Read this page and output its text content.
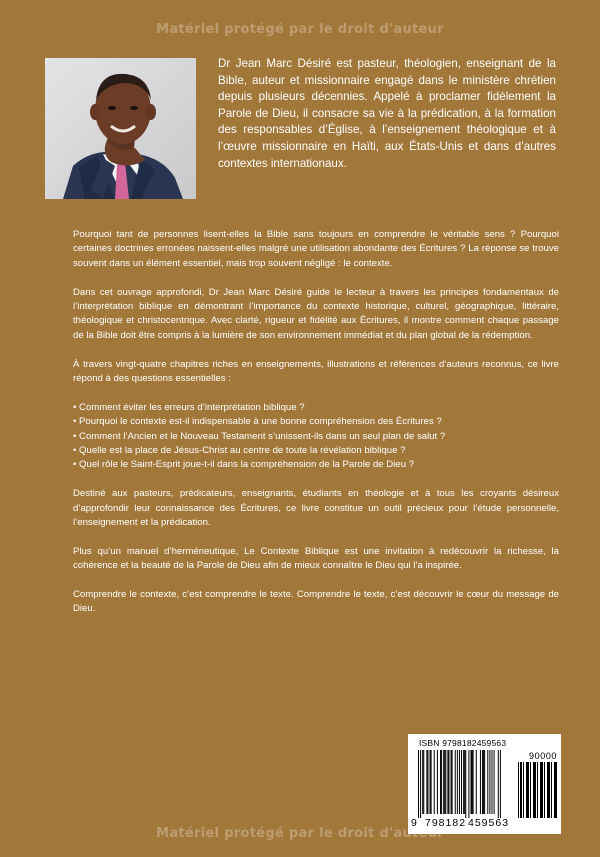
Matériel protégé par le droit d'auteur

Dr Jean Marc Désiré est pasteur, théologien, enseignant de la Bible, auteur et missionnaire engagé dans le ministère chrétien depuis plusieurs décennies. Appelé à proclamer fidèlement la Parole de Dieu, il consacre sa vie à la prédication, à la formation des responsables d’Église, à l’enseignement théologique et à l’œuvre missionnaire en Haïti, aux États-Unis et dans d’autres contextes internationaux.

Pourquoi tant de personnes lisent-elles la Bible sans toujours en comprendre le véritable sens ? Pourquoi certaines doctrines erronées naissent-elles malgré une utilisation abondante des Écritures ? La réponse se trouve souvent dans un élément essentiel, mais trop souvent négligé : le contexte.

Dans cet ouvrage approfondi, Dr Jean Marc Désiré guide le lecteur à travers les principes fondamentaux de l’interprétation biblique en démontrant l’importance du contexte historique, culturel, géographique, littéraire, théologique et christocentrique. Avec clarté, rigueur et fidélité aux Écritures, il montre comment chaque passage de la Bible doit être compris à la lumière de son environnement immédiat et du plan global de la rédemption.

À travers vingt-quatre chapitres riches en enseignements, illustrations et références d’auteurs reconnus, ce livre répond à des questions essentielles :

• Comment éviter les erreurs d’interprétation biblique ?
• Pourquoi le contexte est-il indispensable à une bonne compréhension des Écritures ?
• Comment l’Ancien et le Nouveau Testament s’unissent-ils dans un seul plan de salut ?
• Quelle est la place de Jésus-Christ au centre de toute la révélation biblique ?
• Quel rôle le Saint-Esprit joue-t-il dans la compréhension de la Parole de Dieu ?

Destiné aux pasteurs, prédicateurs, enseignants, étudiants en théologie et à tous les croyants désireux d’approfondir leur connaissance des Écritures, ce livre constitue un outil précieux pour l’étude personnelle, l’enseignement et la prédication.

Plus qu’un manuel d’herméneutique, Le Contexte Biblique est une invitation à redécouvrir la richesse, la cohérence et la beauté de la Parole de Dieu afin de mieux connaître le Dieu qui l’a inspirée.

Comprendre le contexte, c’est comprendre le texte. Comprendre le texte, c’est découvrir le cœur du message de Dieu.

ISBN 9798182459563
90000
9 798182 459563
Matériel protégé par le droit d'auteur
